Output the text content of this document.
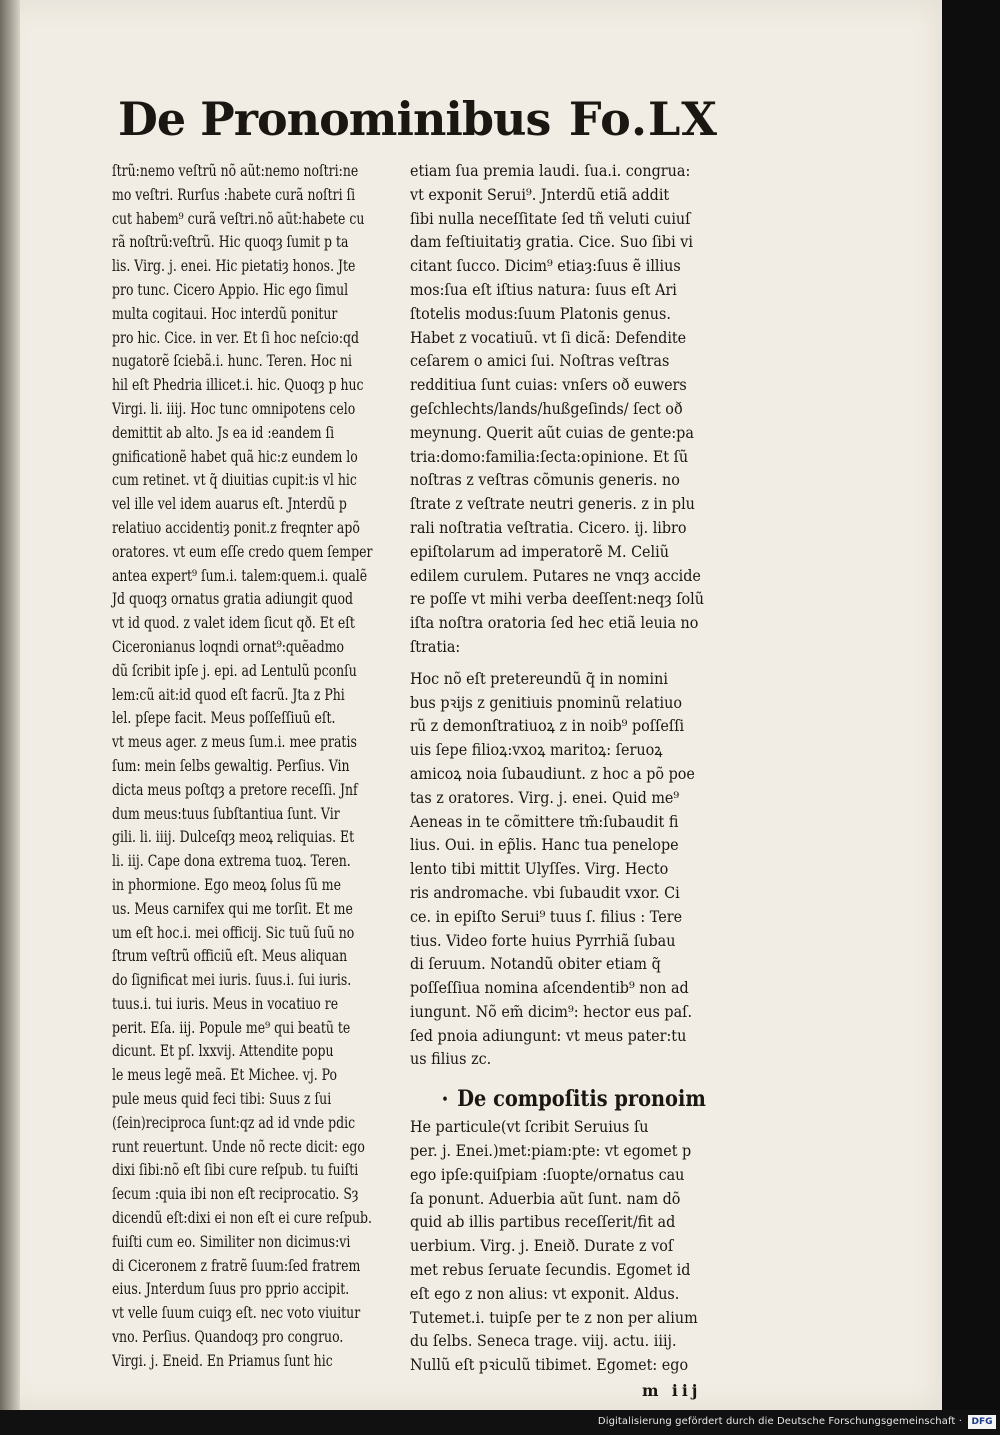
De Pronominibus Fo.LX
ſtrũ:nemo veſtrũ nõ aũt:nemo noſtri:ne
mo veſtri. Rurſus :habete curã noſtri ſi
cut habem⁹ curã veſtri.nõ aũt:habete cu
rã noſtrũ:veſtrũ. Hic quoqȝ ſumit p ta
lis. Virg. j. enei. Hic pietatiȝ honos. Jte
pro tunc. Cicero Appio. Hic ego ſimul
multa cogitaui. Hoc interdũ ponitur
pro hic. Cice. in ver. Et ſi hoc neſcio:qd
nugatorẽ ſciebã.i. hunc. Teren. Hoc ni
hil eſt Phedria illicet.i. hic. Quoqȝ p huc
Virgi. li. iiij. Hoc tunc omnipotens celo
demittit ab alto. Js ea id :eandem ſi
gnificationẽ habet quã hic:z eundem lo
cum retinet. vt q̃ diuitias cupit:is vl hic
vel ille vel idem auarus eſt. Jnterdũ p
relatiuo accidentiȝ ponit.z freqnter apõ
oratores. vt eum eſſe credo quem ſemper
antea expert⁹ ſum.i. talem:quem.i. qualẽ
Jd quoqȝ ornatus gratia adiungit quod
vt id quod. z valet idem ſicut qð. Et eſt
Ciceronianus loqndi ornat⁹:quẽadmo
dũ ſcribit ipſe j. epi. ad Lentulũ pconſu
lem:cũ ait:id quod eſt facrũ. Jta z Phi
lel. pſepe facit. Meus poſſeſſiuũ eſt.
vt meus ager. z meus ſum.i. mee pratis
ſum: mein ſelbs gewaltig. Perſius. Vin
dicta meus poſtqȝ a pretore receſſi. Jnf
dum meus:tuus ſubſtantiua ſunt. Vir
gili. li. iiij. Dulceſqȝ meoꝝ reliquias. Et
li. iij. Cape dona extrema tuoꝝ. Teren.
in phormione. Ego meoꝝ ſolus ſũ me
us. Meus carnifex qui me torſit. Et me
um eſt hoc.i. mei officij. Sic tuũ ſuũ no
ſtrum veſtrũ officiũ eſt. Meus aliquan
do ſignificat mei iuris. ſuus.i. ſui iuris.
tuus.i. tui iuris. Meus in vocatiuo re
perit. Eſa. iij. Popule me⁹ qui beatũ te
dicunt. Et pſ. lxxvij. Attendite popu
le meus legẽ meã. Et Michee. vj. Po
pule meus quid feci tibi: Suus z ſui
(ſein)reciproca ſunt:qz ad id vnde pdic
runt reuertunt. Unde nõ recte dicit: ego
dixi ſibi:nõ eſt ſibi cure reſpub. tu fuiſti
ſecum :quia ibi non eſt reciprocatio. Sȝ
dicendũ eſt:dixi ei non eſt ei cure reſpub.
fuiſti cum eo. Similiter non dicimus:vi
di Ciceronem z fratrẽ ſuum:ſed fratrem
eius. Jnterdum ſuus pro pprio accipit.
vt velle ſuum cuiqȝ eſt. nec voto viuitur
vno. Perſius. Quandoqȝ pro congruo.
Virgi. j. Eneid. En Priamus ſunt hic
etiam ſua premia laudi. ſua.i. congrua:
vt exponit Serui⁹. Jnterdũ etiã addit
ſibi nulla neceſſitate ſed tñ veluti cuiuſ
dam feſtiuitatiȝ gratia. Cice. Suo ſibi vi
citant ſucco. Dicim⁹ etiaȝ:ſuus ẽ illius
mos:ſua eſt iſtius natura: ſuus eſt Ari
ſtotelis modus:ſuum Platonis genus.
Habet z vocatiuũ. vt ſi dicã: Defendite
ceſarem o amici ſui. Noſtras veſtras
redditiua ſunt cuias: vnſers oð euwers
geſchlechts/lands/hußgeſinds/ ſect oð
meynung. Querit aũt cuias de gente:pa
tria:domo:familia:ſecta:opinione. Et ſũ
noſtras z veſtras cõmunis generis. no
ſtrate z veſtrate neutri generis. z in plu
rali noſtratia veſtratia. Cicero. ij. libro
epiſtolarum ad imperatorẽ M. Celiũ
edilem curulem. Putares ne vnqȝ accide
re poſſe vt mihi verba deeſſent:neqȝ ſolũ
iſta noſtra oratoria ſed hec etiã leuia no
ſtratia:
Hoc nõ eſt pretereundũ q̃ in nomini
bus pꝛijs z genitiuis pnominũ relatiuo
rũ z demonſtratiuoꝝ z in noib⁹ poſſeſſi
uis ſepe filioꝝ:vxoꝝ maritoꝝ: ſeruoꝝ
amicoꝝ noia ſubaudiunt. z hoc a põ poe
tas z oratores. Virg. j. enei. Quid me⁹
Aeneas in te cõmittere tm̃:ſubaudit fi
lius. Oui. in ep̃lis. Hanc tua penelope
lento tibi mittit Ulyſſes. Virg. Hecto
ris andromache. vbi ſubaudit vxor. Ci
ce. in epiſto Serui⁹ tuus ſ. filius : Tere
tius. Video forte huius Pyrrhiã ſubau
di ſeruum. Notandũ obiter etiam q̃
poſſeſſiua nomina aſcendentib⁹ non ad
iungunt. Nõ em̃ dicim⁹: hector eus paſ.
ſed pnoia adiungunt: vt meus pater:tu
us filius zc.
• De compoſitis pronoim
He particule(vt ſcribit Seruius ſu
per. j. Enei.)met:piam:pte: vt egomet p
ego ipſe:quiſpiam :ſuopte/ornatus cau
ſa ponunt. Aduerbia aũt ſunt. nam dõ
quid ab illis partibus receſſerit/fit ad
uerbium. Virg. j. Eneið. Durate z voſ
met rebus ſeruate ſecundis. Egomet id
eſt ego z non alius: vt exponit. Aldus.
Tutemet.i. tuipſe per te z non per alium
du ſelbs. Seneca trage. viij. actu. iiij.
Nullũ eſt pꝛiculũ tibimet. Egomet: ego
m iij
Digitalisierung gefördert durch die Deutsche Forschungsgemeinschaft ·	DFG
